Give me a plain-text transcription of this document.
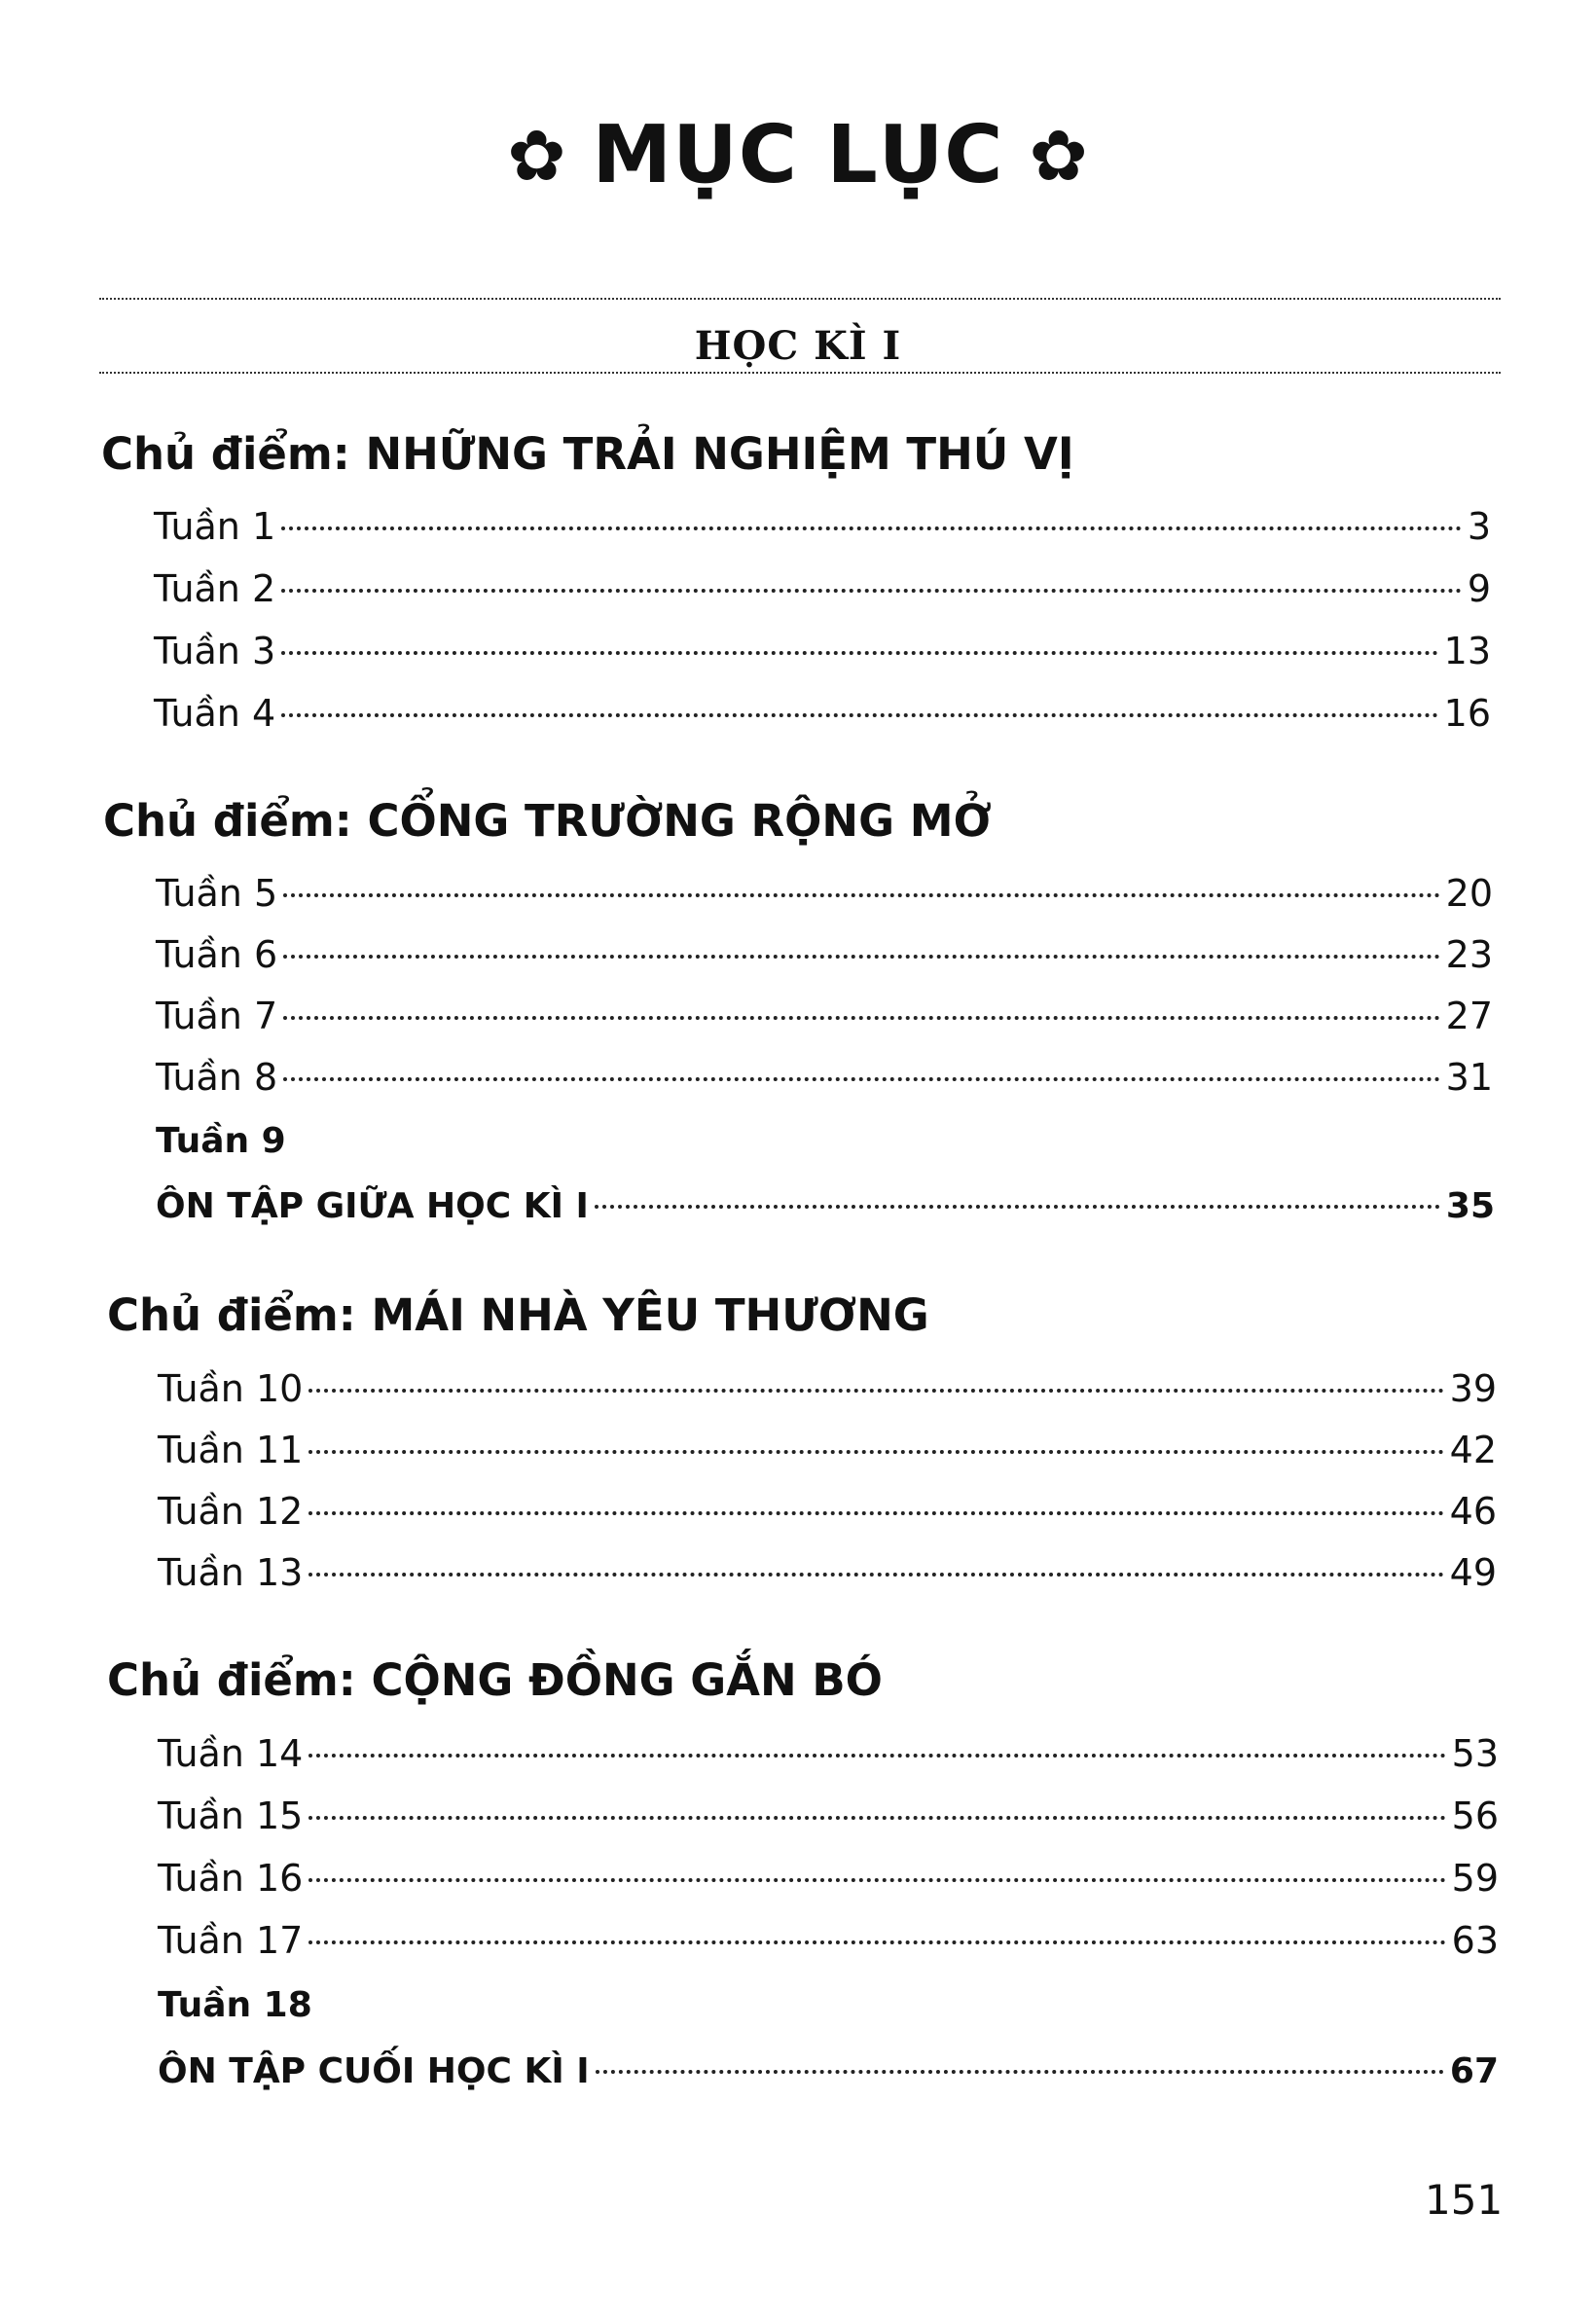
✿ MỤC LỤC ✿
HỌC KÌ I
Chủ điểm: NHỮNG TRẢI NGHIỆM THÚ VỊ
Tuần 1	3
Tuần 2	9
Tuần 3	13
Tuần 4	16
Chủ điểm: CỔNG TRƯỜNG RỘNG MỞ
Tuần 5	20
Tuần 6	23
Tuần 7	27
Tuần 8	31
Tuần 9
ÔN TẬP GIỮA HỌC KÌ I	35
Chủ điểm: MÁI NHÀ YÊU THƯƠNG
Tuần 10	39
Tuần 11	42
Tuần 12	46
Tuần 13	49
Chủ điểm: CỘNG ĐỒNG GẮN BÓ
Tuần 14	53
Tuần 15	56
Tuần 16	59
Tuần 17	63
Tuần 18
ÔN TẬP CUỐI HỌC KÌ I	67
151
